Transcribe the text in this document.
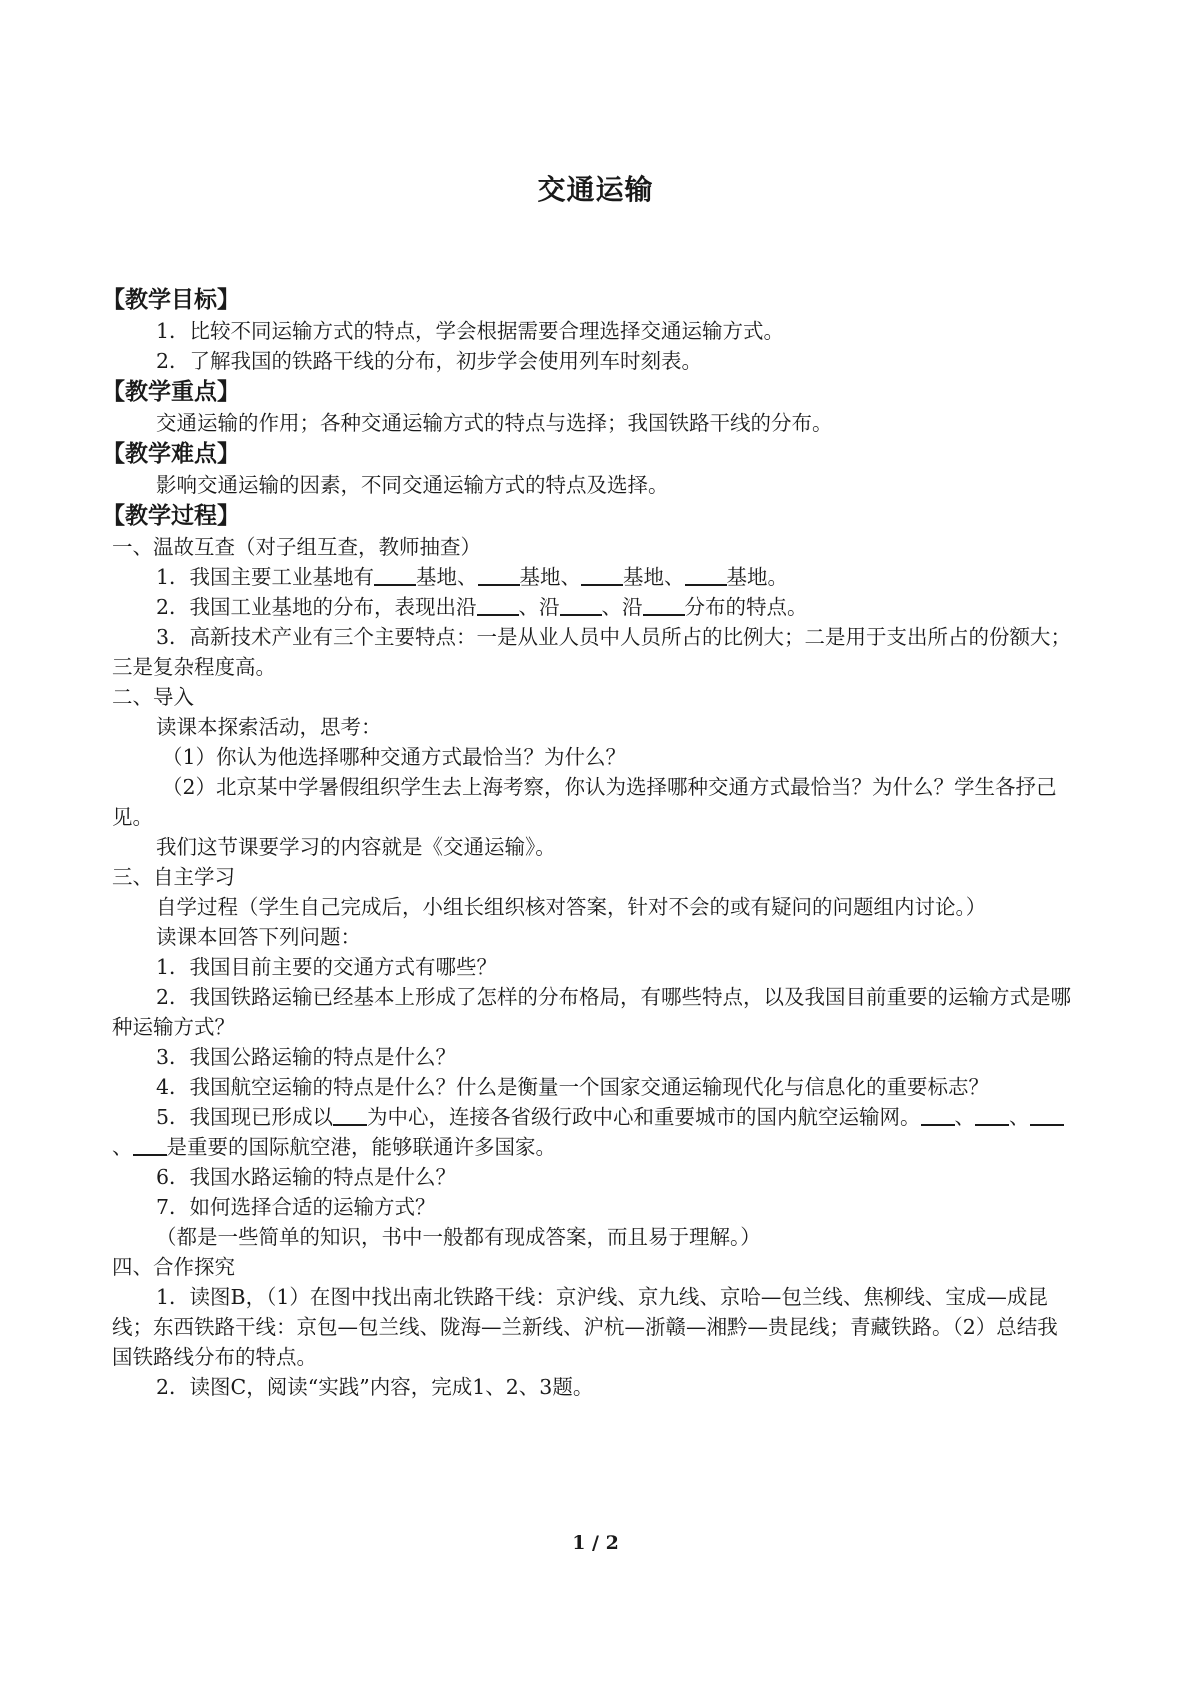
交通运输
【教学目标】
1．比较不同运输方式的特点，学会根据需要合理选择交通运输方式。
2．了解我国的铁路干线的分布，初步学会使用列车时刻表。
【教学重点】
交通运输的作用；各种交通运输方式的特点与选择；我国铁路干线的分布。
【教学难点】
影响交通运输的因素，不同交通运输方式的特点及选择。
【教学过程】
一、温故互查（对子组互查，教师抽查）
1．我国主要工业基地有 基地、 基地、 基地、 基地。
2．我国工业基地的分布，表现出沿 、沿 、沿 分布的特点。
3．高新技术产业有三个主要特点：一是从业人员中人员所占的比例大；二是用于支出所占的份额大；三是复杂程度高。
二、导入
读课本探索活动，思考：
（1）你认为他选择哪种交通方式最恰当？为什么？
（2）北京某中学暑假组织学生去上海考察，你认为选择哪种交通方式最恰当？为什么？学生各抒己见。
我们这节课要学习的内容就是《交通运输》。
三、自主学习
自学过程（学生自己完成后，小组长组织核对答案，针对不会的或有疑问的问题组内讨论。）
读课本回答下列问题：
1．我国目前主要的交通方式有哪些？
2．我国铁路运输已经基本上形成了怎样的分布格局，有哪些特点，以及我国目前重要的运输方式是哪种运输方式？
3．我国公路运输的特点是什么？
4．我国航空运输的特点是什么？什么是衡量一个国家交通运输现代化与信息化的重要标志？
5．我国现已形成以 为中心，连接各省级行政中心和重要城市的国内航空运输网。 、 、、 是重要的国际航空港，能够联通许多国家。
6．我国水路运输的特点是什么？
7．如何选择合适的运输方式？
（都是一些简单的知识，书中一般都有现成答案，而且易于理解。）
四、合作探究
1．读图B，（1）在图中找出南北铁路干线：京沪线、京九线、京哈—包兰线、焦柳线、宝成—成昆线；东西铁路干线：京包—包兰线、陇海—兰新线、沪杭—浙赣—湘黔—贵昆线；青藏铁路。（2）总结我国铁路线分布的特点。
2．读图C，阅读“实践”内容，完成1、2、3题。
1 / 2
